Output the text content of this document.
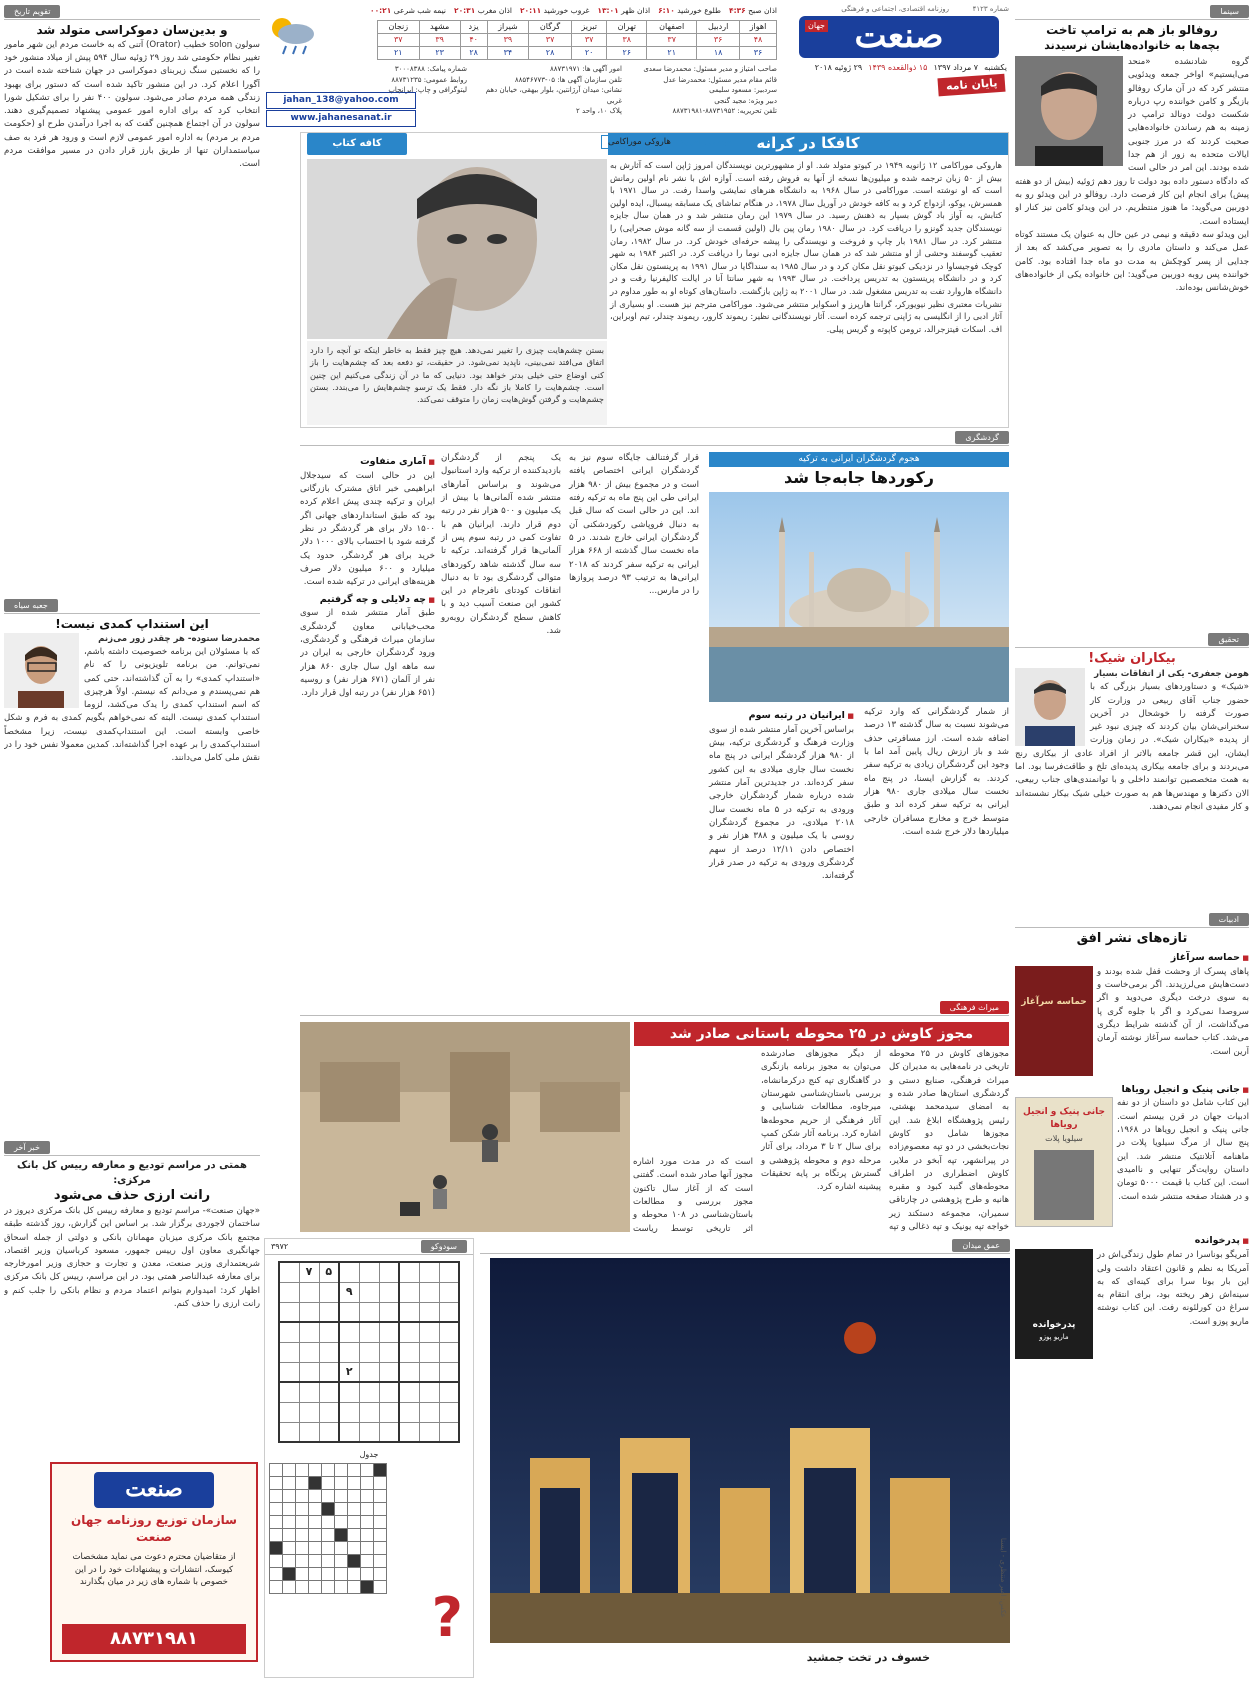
شماره ۴۱۲۳
روزنامه اقتصادی، اجتماعی و فرهنگی
صنعت
جهان
یکشنبه
۷ مرداد ۱۳۹۷
۱۵ ذوالقعده ۱۴۳۹
۲۹ ژوئیه ۲۰۱۸
پایان نامه
اذان صبح ۴:۳۶
طلوع خورشید ۶:۱۰
اذان ظهر ۱۳:۰۱
غروب خورشید ۲۰:۱۱
اذان مغرب ۲۰:۳۱
نیمه شب شرعی ۰۰:۲۱
اهواز	اردبیل	اصفهان	تهران	تبریز	گرگان	شیراز	یزد	مشهد	زنجان
۴۸	۳۶	۳۷	۳۸	۳۷	۳۷	۳۹	۴۰	۳۹	۳۷
۳۶	۱۸	۲۱	۲۶	۲۰	۲۸	۳۴	۲۸	۲۳	۲۱
صاحب امتیاز و مدیر مسئول: محمدرضا سعدی
قائم مقام مدیر مسئول: محمدرضا عدل
سردبیر: مسعود سلیمی
دبیر ویژه: مجید گنجی
تلفن تحریریه: ۸۸۷۳۱۹۵۲-۸۸۷۳۱۹۸۱
امور آگهی ها: ۸۸۷۳۱۹۷۱
تلفن سازمان آگهی ها: ۰۵-۸۸۵۴۶۷۷۳
نشانی: میدان آرژانتین، بلوار بیهقی، خیابان دهم غربی
پلاک ۱۰، واحد ۲
شماره پیامک: ۳۰۰۰۸۳۸۸
روابط عمومی: ۸۸۷۳۱۲۳۵
لیتوگرافی و چاپ: ایرانچاپ
jahan_138@yahoo.com
www.jahanesanat.ir
کافکا در کرانه
مهمان امروز:
هاروکی موراکامی
کافه کتاب
هاروکی موراکامی ۱۲ ژانویه ۱۹۴۹ در کیوتو متولد شد. او از مشهورترین نویسندگان امروز ژاپن است که آثارش به بیش از ۵۰ زبان ترجمه شده و میلیون‌ها نسخه از آنها به فروش رفته است. آوازه اش با نشر نام اولین رمانش است که او نوشته است. موراکامی در سال ۱۹۶۸ به دانشگاه هنرهای نمایشی واسدا رفت. در سال ۱۹۷۱ با همسرش، یوکو، ازدواج کرد و به کافه خودش در آوریل سال ۱۹۷۸، در هنگام تماشای یک مسابقه بیسبال، ایده اولین کتابش، به آواز باد گوش بسپار به ذهنش رسید. در سال ۱۹۷۹ این رمان منتشر شد و در همان سال جایزه نویسندگان جدید گونزو را دریافت کرد. در سال ۱۹۸۰ رمان پین بال (اولین قسمت از سه گانه موش صحرایی) را منتشر کرد. در سال ۱۹۸۱ بار چاپ و فروخت و نویسندگی را پیشه حرفه‌ای خودش کرد. در سال ۱۹۸۲، رمان تعقیب گوسفند وحشی از او منتشر شد که در همان سال جایزه ادبی نوما را دریافت کرد. در اکتبر ۱۹۸۴ به شهر کوچک فوجیساوا در نزدیکی کیوتو نقل مکان کرد و در سال ۱۹۸۵ به سنداگایا در سال ۱۹۹۱ به پرینستون نقل مکان کرد و در دانشگاه پرینستون به تدریس پرداخت. در سال ۱۹۹۳ به شهر سانتا آنا در ایالت کالیفرنیا رفت و در دانشگاه هاروارد تفت به تدریس مشغول شد. در سال ۲۰۰۱ به ژاپن بازگشت. داستان‌های کوتاه او به طور مداوم در نشریات معتبری نظیر نیویورکر، گرانتا هارپرز و اسکوایر منتشر می‌شود. موراکامی مترجم نیز هست. او بسیاری از آثار ادبی را از انگلیسی به ژاپنی ترجمه کرده است. آثار نویسندگانی نظیر: ریموند کارور، ریموند چندلر، تیم اوبراین، اف. اسکات فیتزجرالد، ترومن کاپوته و گریس پیلی.
بستن چشم‌هایت چیزی را تغییر نمی‌دهد. هیچ چیز فقط به خاطر اینکه تو آنچه را دارد اتفاق می‌افتد نمی‌بینی، ناپدید نمی‌شود. در حقیقت، تو دفعه بعد که چشم‌هایت را باز کنی اوضاع حتی خیلی بدتر خواهد بود. دنیایی که ما در آن زندگی می‌کنیم این چنین است. چشم‌هایت را کاملا باز نگه دار. فقط یک ترسو چشم‌هایش را می‌بندد. بستن چشم‌هایت و گرفتن گوش‌هایت زمان را متوقف نمی‌کند.
گردشگری
هجوم گردشگران ایرانی به ترکیه
رکوردها جابه‌جا شد
از شمار گردشگرانی که وارد ترکیه می‌شوند نسبت به سال گذشته ۱۳ درصد اضافه شده است. ارز مسافرتی حذف شد و باز ارزش ریال پایین آمد اما با وجود این گردشگران زیادی به ترکیه سفر کردند. به گزارش ایسنا، در پنج ماه نخست سال میلادی جاری ۹۸۰ هزار ایرانی به ترکیه سفر کرده اند و طبق متوسط خرج و مخارج مسافران خارجی میلیاردها دلار خرج شده است.
■ ایرانیان در رتبه سوم
براساس آخرین آمار منتشر شده از سوی وزارت فرهنگ و گردشگری ترکیه، بیش از ۹۸۰ هزار گردشگر ایرانی در پنج ماه نخست سال جاری میلادی به این کشور سفر کرده‌اند. در جدیدترین آمار منتشر شده درباره شمار گردشگران خارجی ورودی به ترکیه در ۵ ماه نخست سال ۲۰۱۸ میلادی، در مجموع گردشگران روسی با یک میلیون و ۳۸۸ هزار نفر و اختصاص دادن ۱۲/۱۱ درصد از سهم گردشگری ورودی به ترکیه در صدر قرار گرفته‌اند.
قرار گرفتنالف جایگاه سوم نیز به گردشگران ایرانی اختصاص یافته است و در مجموع بیش از ۹۸۰ هزار ایرانی طی این پنج ماه به ترکیه رفته اند. این در حالی است که سال قبل به دنبال فروپاشی رکوردشکنی آن گردشگران ایرانی خارج شدند. در ۵ ماه نخست سال گذشته از ۶۶۸ هزار ایرانی به ترکیه سفر کردند که ۲۰۱۸ ایرانی‌ها به ترتیب ۹۳ درصد پروازها را در مارس...
یک پنجم از گردشگران بازدیدکننده از ترکیه وارد استانبول می‌شوند و براساس آمارهای منتشر شده آلمانی‌ها با بیش از یک میلیون و ۵۰۰ هزار نفر در رتبه دوم قرار دارند. ایرانیان هم با تفاوت کمی در رتبه سوم پس از آلمانی‌ها قرار گرفته‌اند. ترکیه تا سه سال گذشته شاهد رکوردهای متوالی گردشگری بود تا به دنبال اتفاقات کودتای نافرجام در این کشور این صنعت آسیب دید و با کاهش سطح گردشگران روبه‌رو شد.
■ آماری متفاوت
این در حالی است که سیدجلال ابراهیمی خبر اتاق مشترک بازرگانی ایران و ترکیه چندی پیش اعلام کرده بود که طبق استانداردهای جهانی اگر ۱۵۰۰ دلار برای هر گردشگر در نظر گرفته شود با احتساب بالای ۱۰۰۰ دلار خرید برای هر گردشگر، حدود یک میلیارد و ۶۰۰ میلیون دلار صرف هزینه‌های ایرانی در ترکیه شده است.
■ چه دلایلی و چه گرفتیم
طبق آمار منتشر شده از سوی محب‌خیابانی معاون گردشگری سازمان میراث فرهنگی و گردشگری، ورود گردشگران خارجی به ایران در سه ماهه اول سال جاری ۸۶۰ هزار نفر از آلمان (۶۷۱ هزار نفر) و روسیه (۶۵۱ هزار نفر) در رتبه اول قرار دارد.
میراث فرهنگی
مجوز کاوش در ۲۵ محوطه باستانی صادر شد
مجوزهای کاوش در ۲۵ محوطه تاریخی در نامه‌هایی به مدیران کل میراث فرهنگی، صنایع دستی و گردشگری استان‌ها صادر شده و به امضای سیدمحمد بهشتی، رئیس پژوهشگاه ابلاغ شد. این مجوزها شامل دو کاوش نجات‌بخشی در دو تپه معصوم‌زاده در پیرانشهر، تپه آبخو در ملایر، کاوش اضطراری در اطراف محوطه‌های گنبد کبود و مقبره هانیه و طرح پژوهشی در چارتاقی سمیران، مجموعه دستکند زیر خواجه تپه یونیک و تپه ذغالی و تپه
از دیگر مجوزهای صادرشده می‌توان به مجوز برنامه بازنگری در گاهنگاری تپه کنج درکرمانشاه، بررسی باستان‌شناسی شهرستان میرجاوه، مطالعات شناسایی و آثار فرهنگی از حریم محوطه‌ها اشاره کرد. برنامه آثار شکن کمپ برای سال ۲ تا ۳ مرداد، برای آثار مرحله دوم و محوطه پژوهشی و گسترش پرتگاه بر پایه تحقیقات پیشینه اشاره کرد.
است که در مدت مورد اشاره مجوز آنها صادر شده است. گفتنی است که از آغاز سال تاکنون مجوز بررسی و مطالعات باستان‌شناسی در ۱۰۸ محوطه و اثر تاریخی توسط ریاست
عمق میدان
خسوف در تخت جمشید
عکس: امیر منتظری - ایسنا
سودوکو
۳۹۷۲
						۵	۷	
					۹			

					۲			

جدول

?
سینما
روفالو باز هم به ترامپ تاخت
بچه‌ها به خانواده‌هایشان نرسیدند
گروه شادنشده «منحد می‌ایستیم» اواخر جمعه ویدئویی منتشر کرد که در آن مارک روفالو بازیگر و کامن خواننده رپ درباره شکست دولت دونالد ترامپ در زمینه به هم رساندن خانواده‌هایی صحبت کردند که در مرز جنوبی ایالات متحده به زور از هم جدا شده بودند. این امر در حالی است که دادگاه دستور داده بود دولت تا روز دهم ژوئیه (بیش از دو هفته پیش) برای انجام این کار فرصت دارد. روفالو در این ویدئو رو به دوربین می‌گوید: ما هنوز منتظریم. در این ویدئو کامن نیز کنار او ایستاده است.
این ویدئو سه دقیقه و نیمی در عین حال به عنوان یک مستند کوتاه عمل می‌کند و داستان مادری را به تصویر می‌کشد که بعد از جدایی از پسر کوچکش به مدت دو ماه جدا افتاده بود. کامن خواننده پس روبه دوربین می‌گوید: این خانواده یکی از خانواده‌های خوش‌شانس بوده‌اند.
تحقیق
بیکاران شیک!
هومن جعفری- یکی از اتفاقات بسیار
«شیک» و دستاوردهای بسیار بزرگی که با حضور جناب آقای ربیعی در وزارت کار صورت گرفته را خوشحال در آخرین سخنرانی‌شان بیان کردند که چیزی نبود غیر از پدیده «بیکاران شیک». در زمان وزارت ایشان، این قشر جامعه بالاتر از افراد عادی از بیکاری رنج می‌بردند و برای جامعه بیکاری پدیده‌ای تلخ و طاقت‌فرسا بود. اما به همت متخصصین توانمند داخلی و با توانمندی‌های جناب ربیعی، الان دکترها و مهندس‌ها هم به صورت خیلی شیک بیکار نشسته‌اند و کار مفیدی انجام نمی‌دهند.
ادبیات
تازه‌های نشر افق
■ حماسه سرآغاز
حماسه سرآغاز
پاهای پسرک از وحشت قفل شده بودند و دست‌هایش می‌لرزیدند. اگر برمی‌خاست و به سوی درخت دیگری می‌دوید و اگر سروصدا نمی‌کرد و اگر با جلوه گری پا می‌گذاشت، از آن گذشته شرایط دیگری می‌شد. کتاب حماسه سرآغاز نوشته آرمان آرین است.
■ جانی پنیک و انجیل رویاها
جانی پنیک و انجیل رویاها
سیلویا پلات
این کتاب شامل دو داستان از دو نفه ادبیات جهان در قرن بیستم است. جانی پنیک و انجیل رویاها در ۱۹۶۸، پنج سال از مرگ سیلویا پلات در ماهنامه آتلانتیک منتشر شد. این داستان روایت‌گر تنهایی و ناامیدی است. این کتاب با قیمت ۵۰۰۰ تومان و در هشتاد صفحه منتشر شده است.
■ پدرخوانده
پدرخوانده
ماریو پوزو
آمریگو بوناسرا در تمام طول زندگی‌اش در آمریکا به نظم و قانون اعتقاد داشت ولی این بار بونا سرا برای کینه‌ای که به سینه‌اش زهر ریخته بود، برای انتقام به سراغ دن کورلئونه رفت. این کتاب نوشته ماریو پوزو است.
تقویم تاریخ
و بدین‌سان دموکراسی متولد شد
سولون solon خطیب (Orator) آتنی که به خاست مردم این شهر مامور تغییر نظام حکومتی شد روز ۲۹ ژوئیه سال ۵۹۴ پیش از میلاد منشور خود را که نخستین سنگ زیربنای دموکراسی در جهان شناخته شده است در آگورا اعلام کرد. در این منشور تاکید شده است که دستور برای بهبود زندگی همه مردم صادر می‌شود. سولون ۴۰۰ نفر را برای تشکیل شورا انتخاب کرد که برای اداره امور عمومی پیشنهاد تصمیم‌گیری دهند. سولون در آن اجتماع همچنین گفت که به اجرا درآمدن طرح او (حکومت مردم بر مردم) به اداره امور عمومی لازم است و ورود هر فرد به صف سیاستمداران تنها از طریق بارز قرار دادن در مسیر موافقت مردم است.
جعبه سیاه
این استنداپ کمدی نیست!
محمدرضا ستوده- هر چقدر زور می‌زنم
که با مسئولان این برنامه خصوصیت داشته باشم، نمی‌توانم. من برنامه تلویزیونی را که نام «استنداپ کمدی» را به آن گذاشته‌اند، حتی کمی هم نمی‌پسندم و می‌دانم که نیستم. اولاً هرچیزی که اسم استنداپ کمدی را یدک می‌کشد، لزوما استنداپ کمدی نیست. البته که نمی‌خواهم بگویم کمدی به فرم و شکل خاصی وابسته است. این استنداپ‌کمدی نیست، زیرا مشخصاً استنداپ‌کمدی را بر عهده اجرا گذاشته‌اند. کمدین معمولا نفس خود را در نقش ملی کامل می‌دانند.
خبر آخر
همتی در مراسم تودیع و معارفه رییس کل بانک مرکزی:
رانت ارزی حذف می‌شود
«جهان صنعت»- مراسم تودیع و معارفه رییس کل بانک مرکزی دیروز در ساختمان لاجوردی برگزار شد. بر اساس این گزارش، روز گذشته طبقه مجتمع بانک مرکزی میزبان مهمانان بانکی و دولتی از جمله اسحاق جهانگیری معاون اول رییس جمهور، مسعود کرباسیان وزیر اقتصاد، شریعتمداری وزیر صنعت، معدن و تجارت و حجازی وزیر امورخارجه برای معارفه عبدالناصر همتی بود. در این مراسم، رییس کل بانک مرکزی اظهار کرد: امیدوارم بتوانم اعتماد مردم و نظام بانکی را جلب کنم و رانت ارزی را حذف کنم.
صنعت
سازمان توزیع روزنامه جهان صنعت
از متقاضیان محترم دعوت می نماید مشخصات کیوسک، انتشارات و پیشنهادات خود را در این خصوص با شماره های زیر در میان بگذارند
۸۸۷۳۱۹۸۱
